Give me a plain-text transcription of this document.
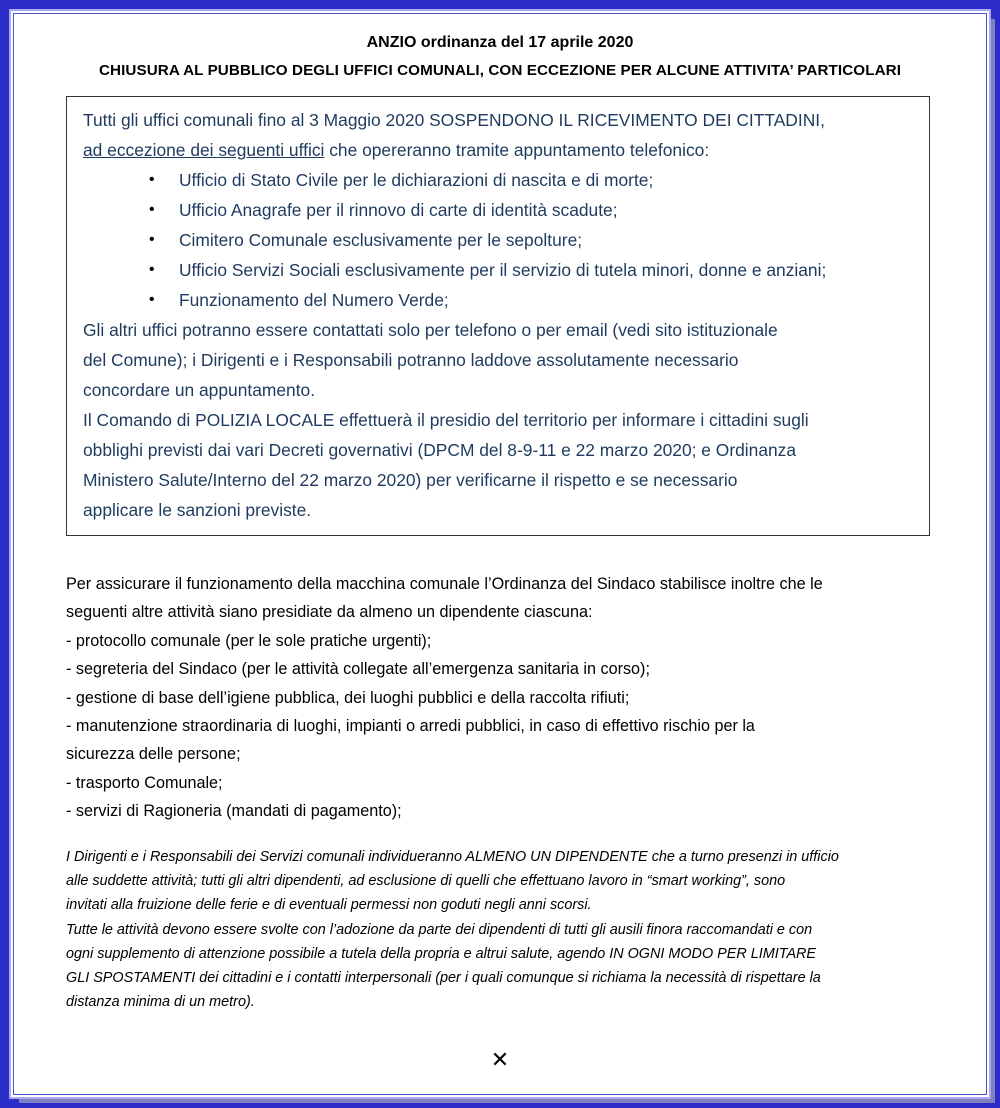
ANZIO ordinanza del 17 aprile 2020
CHIUSURA AL PUBBLICO DEGLI UFFICI COMUNALI, CON ECCEZIONE PER ALCUNE ATTIVITA’ PARTICOLARI

Tutti gli uffici comunali fino al 3 Maggio 2020 SOSPENDONO IL RICEVIMENTO DEI CITTADINI,

ad eccezione dei seguenti uffici che opereranno tramite appuntamento telefonico:

• Ufficio di Stato Civile per le dichiarazioni di nascita e di morte;
• Ufficio Anagrafe per il rinnovo di carte di identità scadute;
• Cimitero Comunale esclusivamente per le sepolture;
• Ufficio Servizi Sociali esclusivamente per il servizio di tutela minori, donne e anziani;
• Funzionamento del Numero Verde;

Gli altri uffici potranno essere contattati solo per telefono o per email (vedi sito istituzionale

del Comune); i Dirigenti e i Responsabili potranno laddove assolutamente necessario

concordare un appuntamento.

Il Comando di POLIZIA LOCALE effettuerà il presidio del territorio per informare i cittadini sugli

obblighi previsti dai vari Decreti governativi (DPCM del 8-9-11 e 22 marzo 2020; e Ordinanza

Ministero Salute/Interno del 22 marzo 2020) per verificarne il rispetto e se necessario

applicare le sanzioni previste.

Per assicurare il funzionamento della macchina comunale l’Ordinanza del Sindaco stabilisce inoltre che le

seguenti altre attività siano presidiate da almeno un dipendente ciascuna:

- protocollo comunale (per le sole pratiche urgenti);

- segreteria del Sindaco (per le attività collegate all’emergenza sanitaria in corso);

- gestione di base dell’igiene pubblica, dei luoghi pubblici e della raccolta rifiuti;

- manutenzione straordinaria di luoghi, impianti o arredi pubblici, in caso di effettivo rischio per la

sicurezza delle persone;

- trasporto Comunale;

- servizi di Ragioneria (mandati di pagamento);

I Dirigenti e i Responsabili dei Servizi comunali individueranno ALMENO UN DIPENDENTE che a turno presenzi in ufficio

alle suddette attività; tutti gli altri dipendenti, ad esclusione di quelli che effettuano lavoro in “smart working”, sono

invitati alla fruizione delle ferie e di eventuali permessi non goduti negli anni scorsi.

Tutte le attività devono essere svolte con l’adozione da parte dei dipendenti di tutti gli ausili finora raccomandati e con

ogni supplemento di attenzione possibile a tutela della propria e altrui salute, agendo IN OGNI MODO PER LIMITARE

GLI SPOSTAMENTI dei cittadini e i contatti interpersonali (per i quali comunque si richiama la necessità di rispettare la

distanza minima di un metro).

✕
